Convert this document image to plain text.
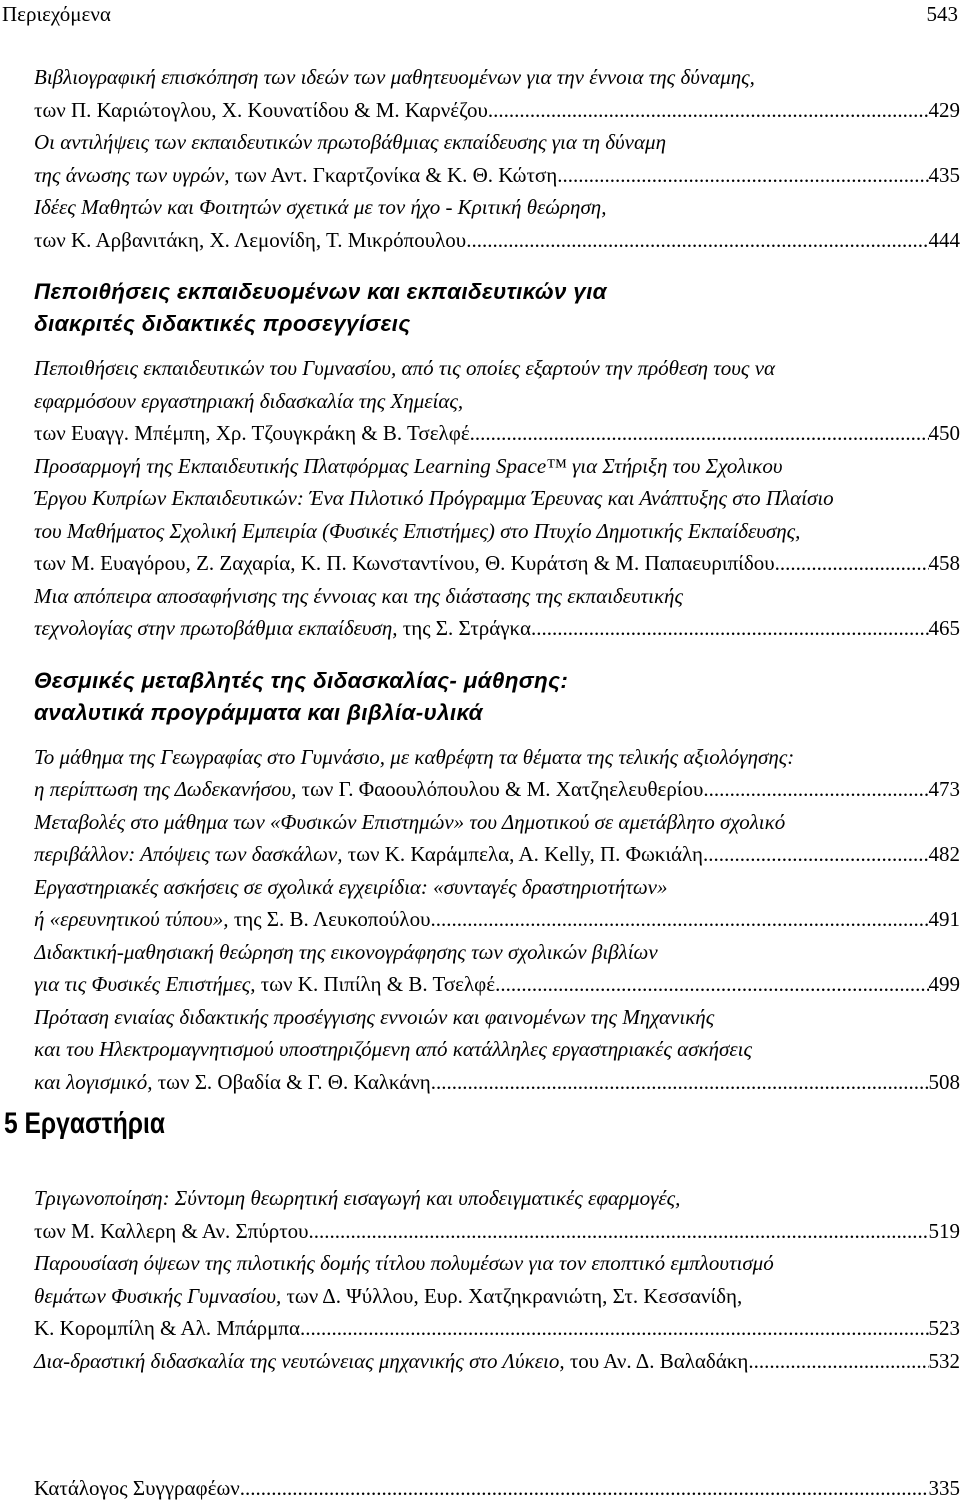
Περιεχόμενα	543
Βιβλιογραφική επισκόπηση των ιδεών των μαθητευομένων για την έννοια της δύναμης,
των Π. Καριώτογλου, Χ. Κουνατίδου & Μ. Καρνέζου .....	429
Οι αντιλήψεις των εκπαιδευτικών πρωτοβάθμιας εκπαίδευσης για τη δύναμη
της άνωσης των υγρών, των Αντ. Γκαρτζονίκα & Κ. Θ. Κώτση .....	435
Ιδέες Μαθητών και Φοιτητών σχετικά με τον ήχο - Κριτική θεώρηση,
των Κ. Αρβανιτάκη, Χ. Λεμονίδη, Τ. Μικρόπουλου .....	444
Πεποιθήσεις εκπαιδευομένων και εκπαιδευτικών για
διακριτές διδακτικές προσεγγίσεις
Πεποιθήσεις εκπαιδευτικών του Γυμνασίου, από τις οποίες εξαρτούν την πρόθεση τους να
εφαρμόσουν εργαστηριακή διδασκαλία της Χημείας,
των Ευαγγ. Μπέμπη, Χρ. Τζουγκράκη & Β. Τσελφέ .....	450
Προσαρμογή της Εκπαιδευτικής Πλατφόρμας Learning Space™ για Στήριξη του Σχολικου
Έργου Κυπρίων Εκπαιδευτικών: Ένα Πιλοτικό Πρόγραμμα Έρευνας και Ανάπτυξης στο Πλαίσιο
του Μαθήματος Σχολική Εμπειρία (Φυσικές Επιστήμες) στο Πτυχίο Δημοτικής Εκπαίδευσης,
των Μ. Ευαγόρου, Ζ. Ζαχαρία, Κ. Π. Κωνσταντίνου, Θ. Κυράτση & Μ. Παπαευριπίδου .....	458
Μια απόπειρα αποσαφήνισης της έννοιας και της διάστασης της εκπαιδευτικής
τεχνολογίας στην πρωτοβάθμια εκπαίδευση, της Σ. Στράγκα .....	465
Θεσμικές μεταβλητές της διδασκαλίας- μάθησης:
αναλυτικά προγράμματα και βιβλία-υλικά
Το μάθημα της Γεωγραφίας στο Γυμνάσιο, με καθρέφτη τα θέματα της τελικής αξιολόγησης:
η περίπτωση της Δωδεκανήσου, των Γ. Φαοουλόπουλου & Μ. Χατζηελευθερίου .....	473
Μεταβολές στο μάθημα των «Φυσικών Επιστημών» του Δημοτικού σε αμετάβλητο σχολικό
περιβάλλον: Απόψεις των δασκάλων, των Κ. Καράμπελα, Α. Kelly, Π. Φωκιάλη .....	482
Εργαστηριακές ασκήσεις σε σχολικά εγχειρίδια: «συνταγές δραστηριοτήτων»
ή «ερευνητικού τύπου», της Σ. Β. Λευκοπούλου .....	491
Διδακτική-μαθησιακή θεώρηση της εικονογράφησης των σχολικών βιβλίων
για τις Φυσικές Επιστήμες, των Κ. Πιπίλη & Β. Τσελφέ .....	499
Πρόταση ενιαίας διδακτικής προσέγγισης εννοιών και φαινομένων της Μηχανικής
και του Ηλεκτρομαγνητισμού υποστηριζόμενη από κατάλληλες εργαστηριακές ασκήσεις
και λογισμικό, των Σ. Οβαδία & Γ. Θ. Καλκάνη .....	508
5 Εργαστήρια
Τριγωνοποίηση: Σύντομη θεωρητική εισαγωγή και υποδειγματικές εφαρμογές,
των Μ. Καλλερη & Αν. Σπύρτου .....	519
Παρουσίαση όψεων της πιλοτικής δομής τίτλου πολυμέσων για τον εποπτικό εμπλουτισμό
θεμάτων Φυσικής Γυμνασίου, των Δ. Ψύλλου, Ευρ. Χατζηκρανιώτη, Στ. Κεσσανίδη,
Κ. Κορομπίλη & Αλ. Μπάρμπα .....	523
Δια-δραστική διδασκαλία της νευτώνειας μηχανικής στο Λύκειο, του Αν. Δ. Βαλαδάκη .....	532
Κατάλογος Συγγραφέων .....	335
